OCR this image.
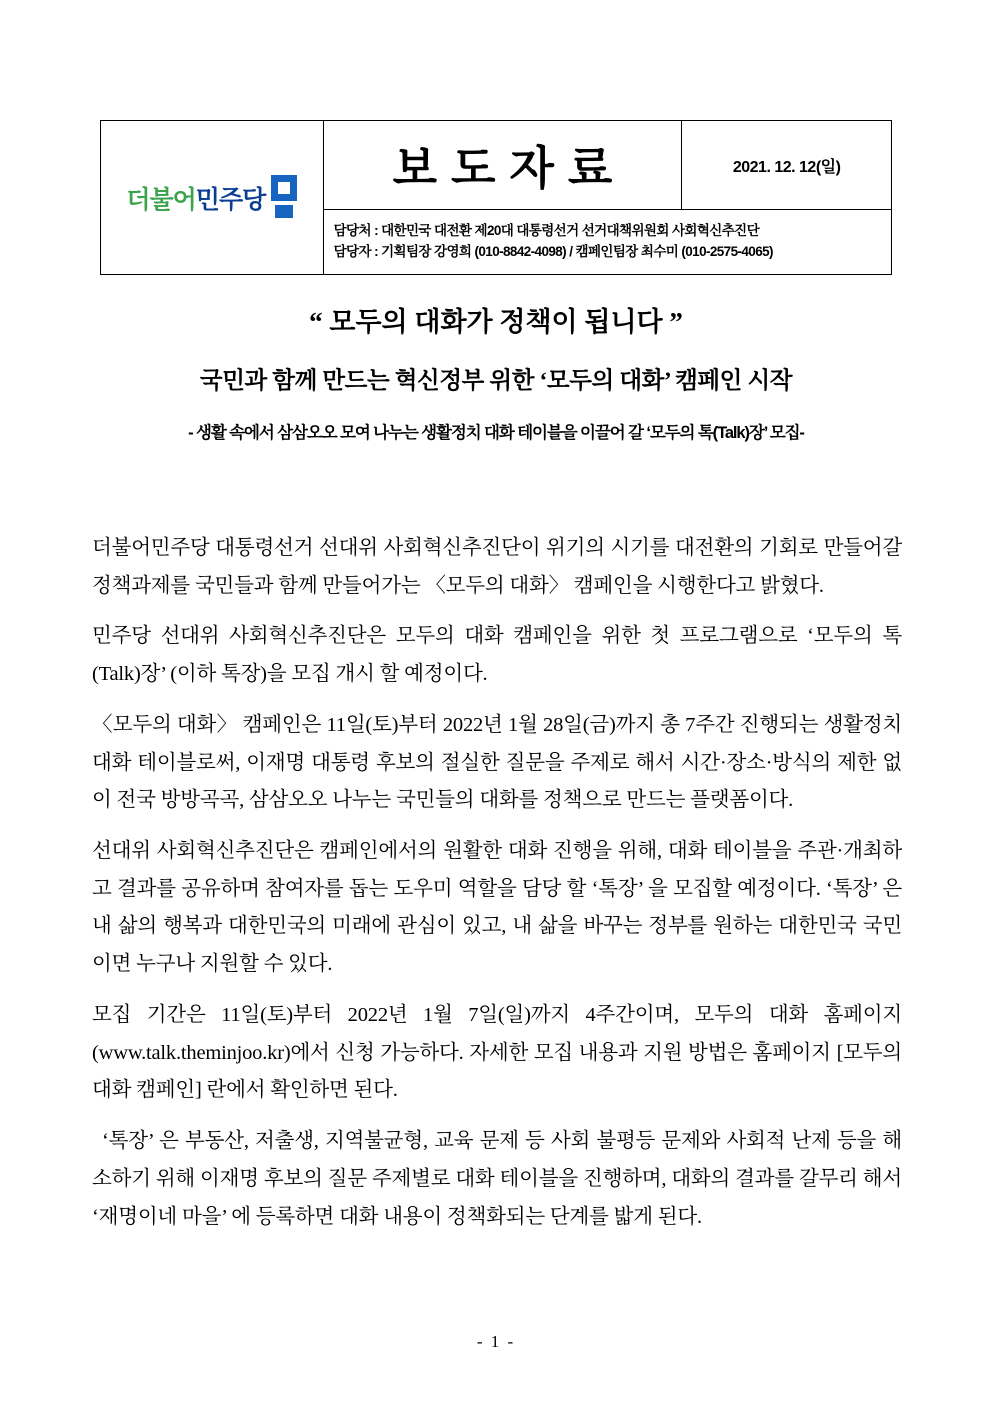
더불어민주당

보도자료	2021. 12. 12(일)

담당처 : 대한민국 대전환 제20대 대통령선거 선거대책위원회 사회혁신추진단
담당자 : 기획팀장 강영희 (010-8842-4098) / 캠페인팀장 최수미 (010-2575-4065)
“ 모두의 대화가 정책이 됩니다 ”
국민과 함께 만드는 혁신정부 위한 ‘모두의 대화’ 캠페인 시작
- 생활 속에서 삼삼오오 모여 나누는 생활정치 대화 테이블을 이끌어 갈 ‘모두의 톡(Talk)장’ 모집-

더불어민주당 대통령선거 선대위 사회혁신추진단이 위기의 시기를 대전환의 기회로 만들어갈 정책과제를 국민들과 함께 만들어가는 〈모두의 대화〉 캠페인을 시행한다고 밝혔다.

민주당 선대위 사회혁신추진단은 모두의 대화 캠페인을 위한 첫 프로그램으로 ‘모두의 톡(Talk)장’ (이하 톡장)을 모집 개시 할 예정이다.

〈모두의 대화〉 캠페인은 11일(토)부터 2022년 1월 28일(금)까지 총 7주간 진행되는 생활정치 대화 테이블로써, 이재명 대통령 후보의 절실한 질문을 주제로 해서 시간·장소·방식의 제한 없이 전국 방방곡곡, 삼삼오오 나누는 국민들의 대화를 정책으로 만드는 플랫폼이다.

선대위 사회혁신추진단은 캠페인에서의 원활한 대화 진행을 위해, 대화 테이블을 주관·개최하고 결과를 공유하며 참여자를 돕는 도우미 역할을 담당 할 ‘톡장’ 을 모집할 예정이다. ‘톡장’ 은 내 삶의 행복과 대한민국의 미래에 관심이 있고, 내 삶을 바꾸는 정부를 원하는 대한민국 국민이면 누구나 지원할 수 있다.

모집 기간은 11일(토)부터 2022년 1월 7일(일)까지 4주간이며, 모두의 대화 홈페이지(www.talk.theminjoo.kr)에서 신청 가능하다. 자세한 모집 내용과 지원 방법은 홈페이지 [모두의 대화 캠페인] 란에서 확인하면 된다.

‘톡장’ 은 부동산, 저출생, 지역불균형, 교육 문제 등 사회 불평등 문제와 사회적 난제 등을 해소하기 위해 이재명 후보의 질문 주제별로 대화 테이블을 진행하며, 대화의 결과를 갈무리 해서 ‘재명이네 마을’ 에 등록하면 대화 내용이 정책화되는 단계를 밟게 된다.

- 1 -
